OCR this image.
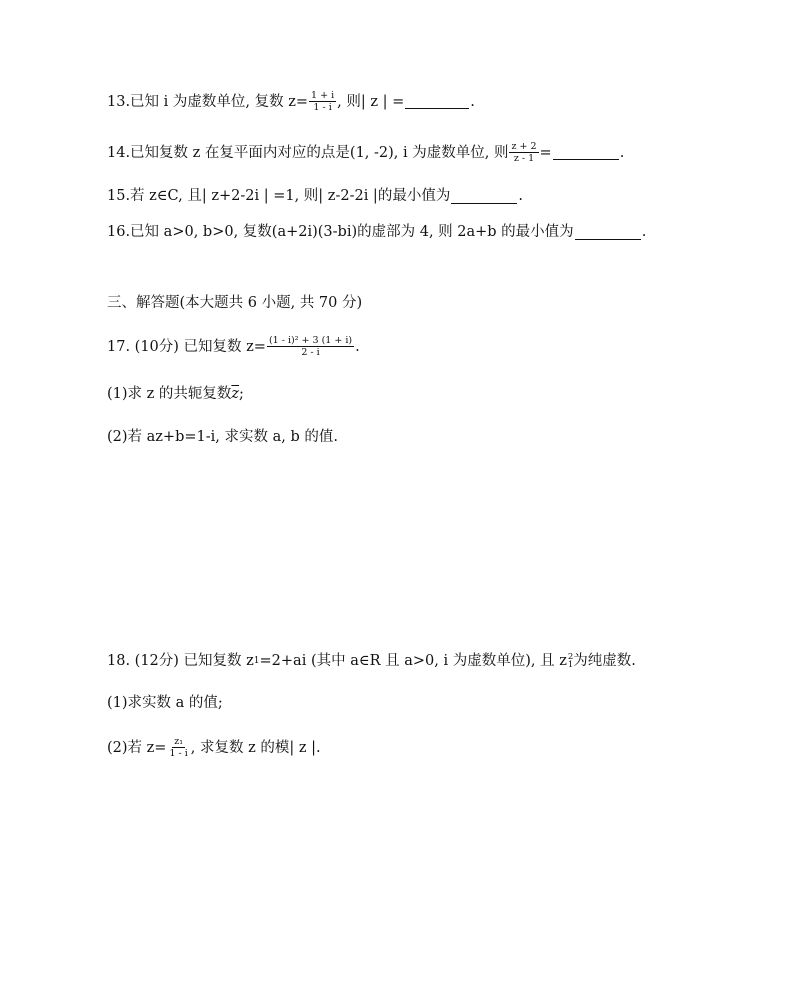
13.已知 i 为虚数单位, 复数 $z= \frac{1 + i}{1 - i}$ , 则| z | =	.
14.已知复数 z 在复平面内对应的点是(1, -2), i 为虚数单位, 则 $\frac{z + 2}{z - 1}$ =	.
15.若 z∈C, 且| z+2-2i | =1, 则| z-2-2i |的最小值为	.
16.已知 a>0, b>0, 复数(a+2i)(3-bi)的虚部为 4, 则 2a+b 的最小值为	.
三、解答题(本大题共 6 小题, 共 70 分)
17. (10分) 已知复数 $z= \frac{\text{(1 - i)² + 3 (1 + i)}}{2 - i}$ .
(1)求 z 的共轭复数 $\overline{z}$ ;
(2)若 az+b=1-i, 求实数 a, b 的值.
18. (12分) 已知复数 z 1 =2+ai (其中 a∈R 且 a>0, i 为虚数单位), 且 z 2
1 为纯虚数.
(1)求实数 a 的值;
(2)若 $z= \frac{\text{z₁}}{1 - i}$ , 求复数 z 的模| z |.
